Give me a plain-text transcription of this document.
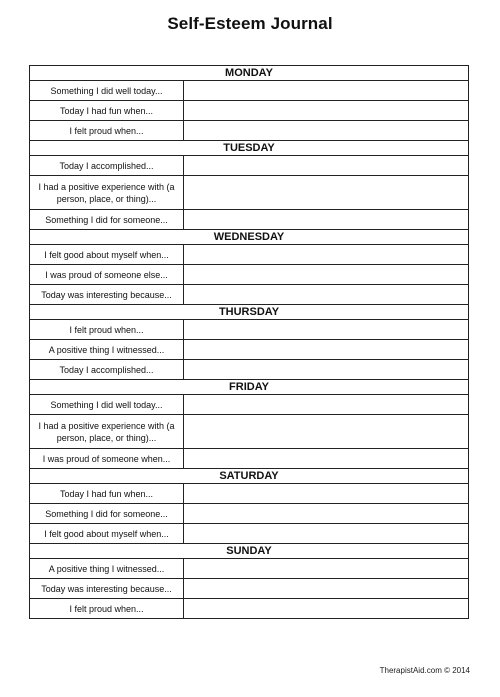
Self-Esteem Journal
MONDAY	
Something I did well today...	
Today I had fun when...	
I felt proud when...	
TUESDAY	
Today I accomplished...	
I had a positive experience with (a person, place, or thing)...	
Something I did for someone...	
WEDNESDAY	
I felt good about myself when...	
I was proud of someone else...	
Today was interesting because...	
THURSDAY	
I felt proud when...	
A positive thing I witnessed...	
Today I accomplished...	
FRIDAY	
Something I did well today...	
I had a positive experience with (a person, place, or thing)...	
I was proud of someone when...	
SATURDAY	
Today I had fun when...	
Something I did for someone...	
I felt good about myself when...	
SUNDAY	
A positive thing I witnessed...	
Today was interesting because...	
I felt proud when...	
TherapistAid.com © 2014
